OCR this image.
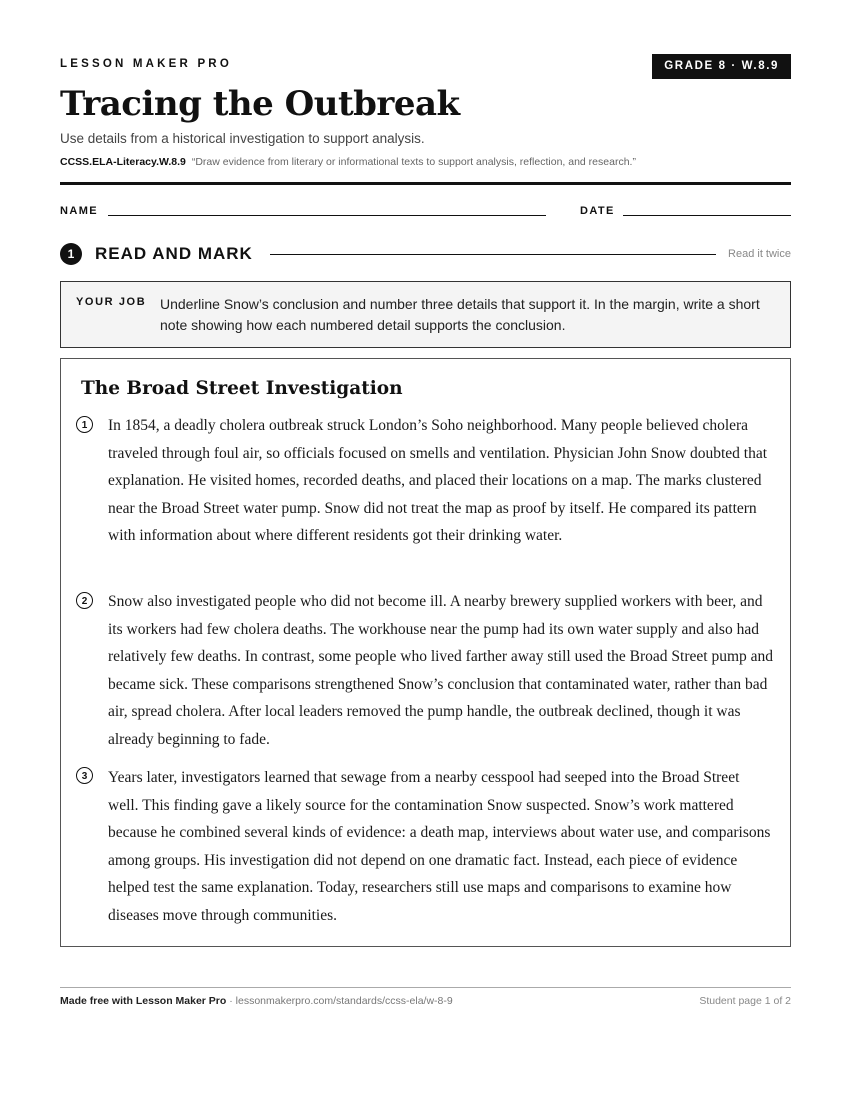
LESSON MAKER PRO	GRADE 8 · W.8.9
Tracing the Outbreak
Use details from a historical investigation to support analysis.
CCSS.ELA-Literacy.W.8.9 “Draw evidence from literary or informational texts to support analysis, reflection, and research.”
NAME	DATE
1	READ AND MARK	Read it twice
YOUR JOB Underline Snow’s conclusion and number three details that support it. In the margin, write a short note showing how each numbered detail supports the conclusion.
The Broad Street Investigation
1	In 1854, a deadly cholera outbreak struck London’s Soho neighborhood. Many people believed cholera traveled through foul air, so officials focused on smells and ventilation. Physician John Snow doubted that explanation. He visited homes, recorded deaths, and placed their locations on a map. The marks clustered near the Broad Street water pump. Snow did not treat the map as proof by itself. He compared its pattern with information about where different residents got their drinking water.
2	Snow also investigated people who did not become ill. A nearby brewery supplied workers with beer, and its workers had few cholera deaths. The workhouse near the pump had its own water supply and also had relatively few deaths. In contrast, some people who lived farther away still used the Broad Street pump and became sick. These comparisons strengthened Snow’s conclusion that contaminated water, rather than bad air, spread cholera. After local leaders removed the pump handle, the outbreak declined, though it was already beginning to fade.
3	Years later, investigators learned that sewage from a nearby cesspool had seeped into the Broad Street well. This finding gave a likely source for the contamination Snow suspected. Snow’s work mattered because he combined several kinds of evidence: a death map, interviews about water use, and comparisons among groups. His investigation did not depend on one dramatic fact. Instead, each piece of evidence helped test the same explanation. Today, researchers still use maps and comparisons to examine how diseases move through communities.
Made free with Lesson Maker Pro · lessonmakerpro.com/standards/ccss-ela/w-8-9	Student page 1 of 2
